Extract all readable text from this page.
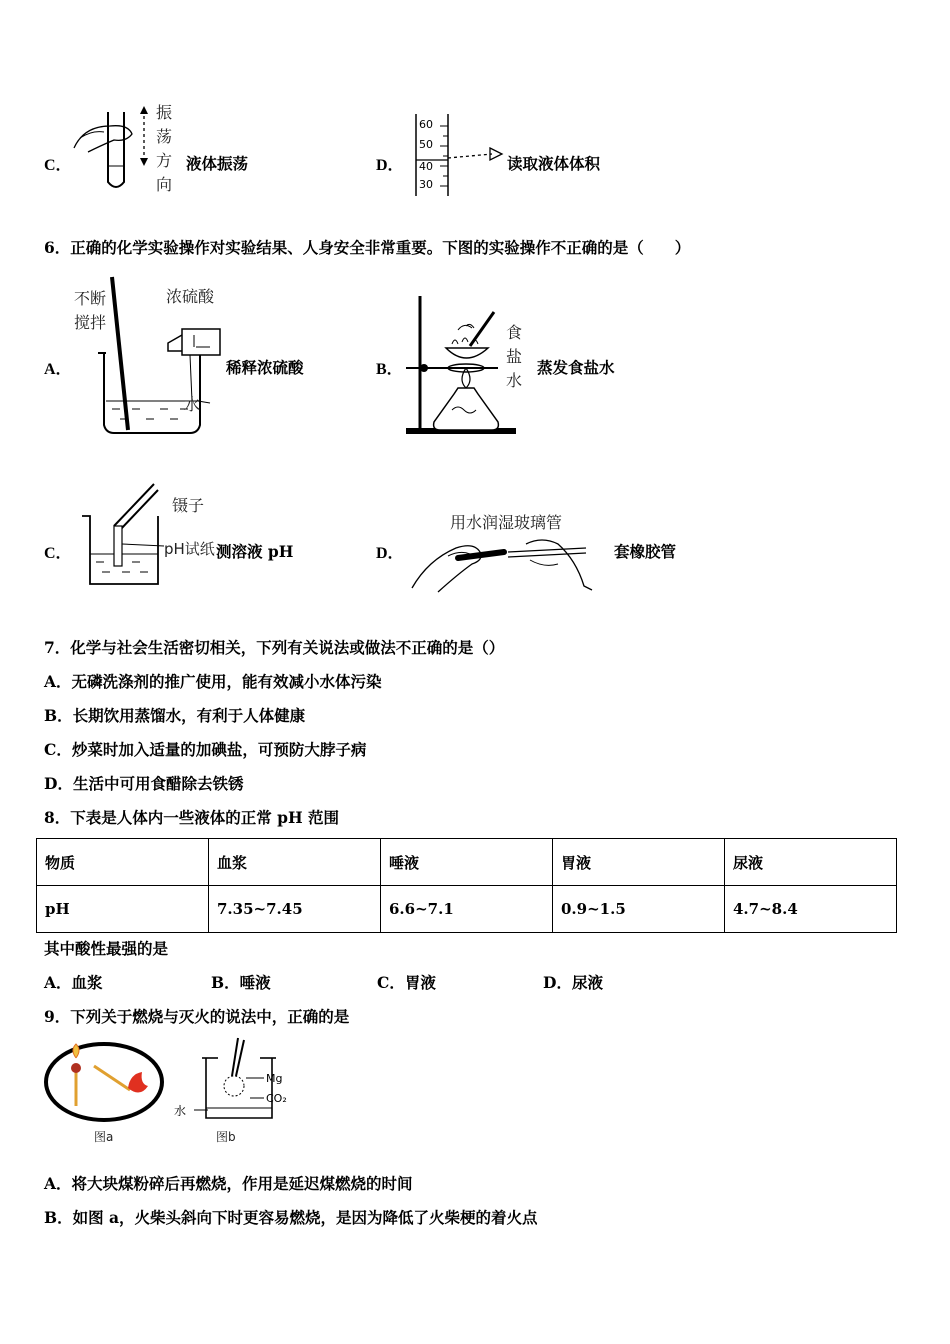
C．
振
荡
方
向
液体振荡	D．
60
50
40
30
读取液体体积
6．正确的化学实验操作对实验结果、人身安全非常重要。下图的实验操作不正确的是（　　）
A．
不断
搅拌
浓硫酸
水
稀释浓硫酸	B．
食
盐
水
蒸发食盐水
C．
镊子
pH试纸 测溶液 pH	D．
用水润湿玻璃管
套橡胶管
7．化学与社会生活密切相关，下列有关说法或做法不正确的是（）
A．无磷洗涤剂的推广使用，能有效减小水体污染
B．长期饮用蒸馏水，有利于人体健康
C．炒菜时加入适量的加碘盐，可预防大脖子病
D．生活中可用食醋除去铁锈
8．下表是人体内一些液体的正常 pH 范围
物质	血浆	唾液	胃液	尿液
pH	7.35~7.45	6.6~7.1	0.9~1.5	4.7~8.4
其中酸性最强的是
A．血浆	B．唾液	C．胃液	D．尿液
9．下列关于燃烧与灭火的说法中，正确的是
图a
Mg
CO₂
水
图b
A．将大块煤粉碎后再燃烧，作用是延迟煤燃烧的时间
B．如图 a，火柴头斜向下时更容易燃烧，是因为降低了火柴梗的着火点
